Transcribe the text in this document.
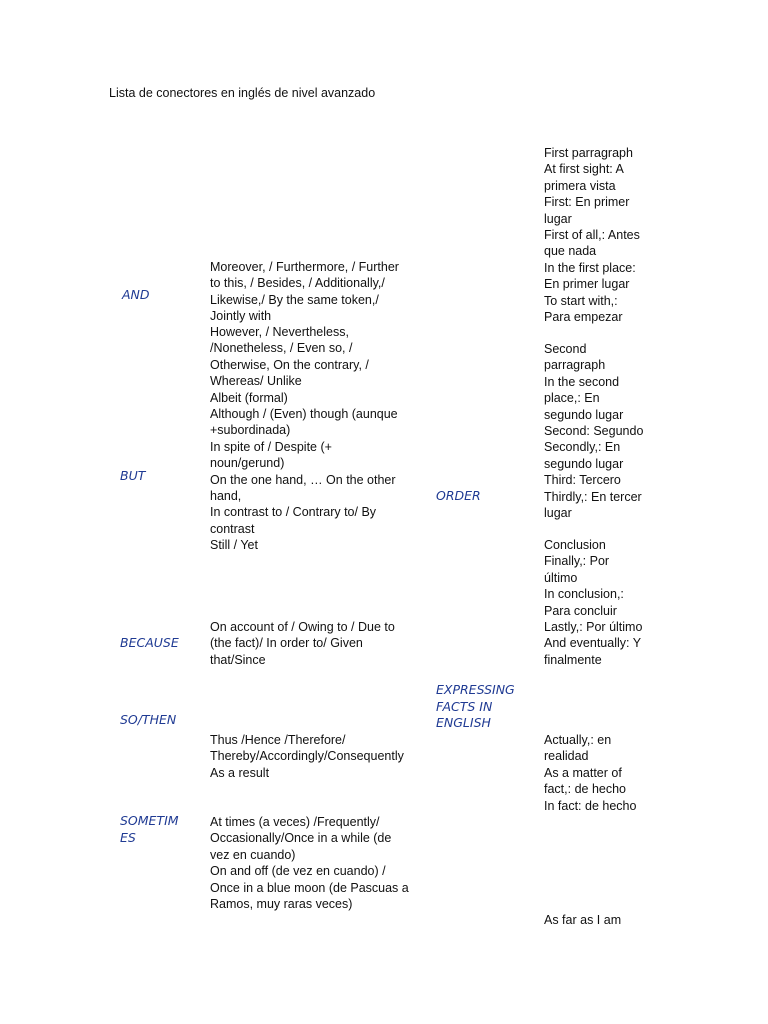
Lista de conectores en inglés de nivel avanzado
AND
BUT
BECAUSE
SO/THEN
SOMETIM
ES
Moreover, / Furthermore, / Further
to this, / Besides, / Additionally,/
Likewise,/ By the same token,/
Jointly with
However, / Nevertheless,
/Nonetheless, / Even so, /
Otherwise, On the contrary, /
Whereas/ Unlike
Albeit (formal)
Although / (Even) though (aunque
+subordinada)
In spite of / Despite (+
noun/gerund)
On the one hand, … On the other
hand,
In contrast to / Contrary to/ By
contrast
Still / Yet
On account of / Owing to / Due to
(the fact)/ In order to/ Given
that/Since
Thus /Hence /Therefore/
Thereby/Accordingly/Consequently
As a result
At times (a veces) /Frequently/
Occasionally/Once in a while (de
vez en cuando)
On and off (de vez en cuando) /
Once in a blue moon (de Pascuas a
Ramos, muy raras veces)
ORDER
EXPRESSING
FACTS IN
ENGLISH
First parragraph
At first sight: A
primera vista
First: En primer
lugar
First of all,: Antes
que nada
In the first place:
En primer lugar
To start with,:
Para empezar
Second
parragraph
In the second
place,: En
segundo lugar
Second: Segundo
Secondly,: En
segundo lugar
Third: Tercero
Thirdly,: En tercer
lugar
Conclusion
Finally,: Por
último
In conclusion,:
Para concluir
Lastly,: Por último
And eventually: Y
finalmente
Actually,: en
realidad
As a matter of
fact,: de hecho
In fact: de hecho
As far as I am
